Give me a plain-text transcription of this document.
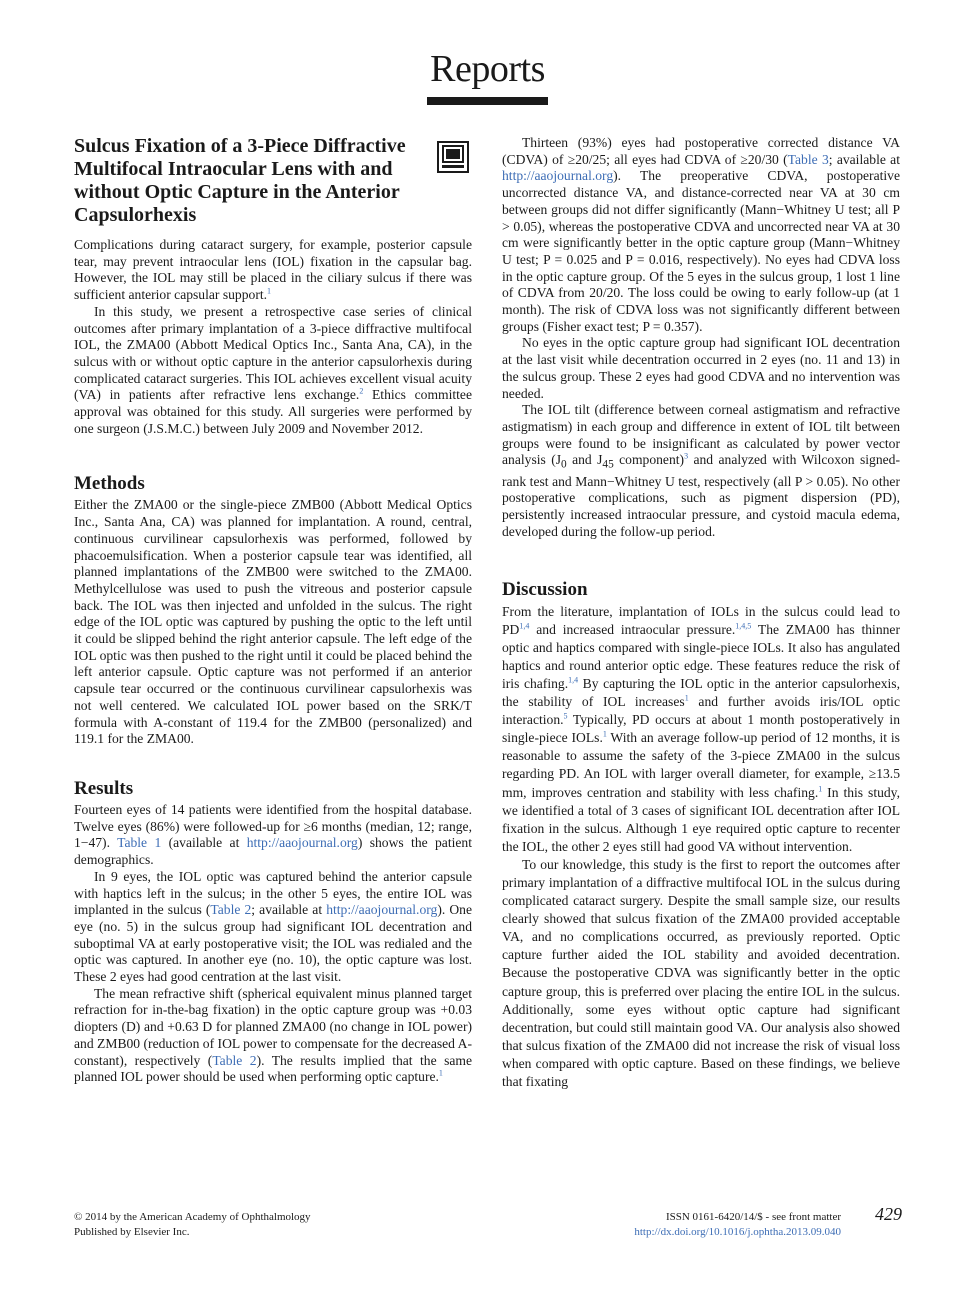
Reports
Sulcus Fixation of a 3-Piece Diffractive Multifocal Intraocular Lens with and without Optic Capture in the Anterior Capsulorhexis

Complications during cataract surgery, for example, posterior capsule tear, may prevent intraocular lens (IOL) fixation in the capsular bag. However, the IOL may still be placed in the ciliary sulcus if there was sufficient anterior capsular support.$^1$

In this study, we present a retrospective case series of clinical outcomes after primary implantation of a 3-piece diffractive multifocal IOL, the ZMA00 (Abbott Medical Optics Inc., Santa Ana, CA), in the sulcus with or without optic capture in the anterior capsulorhexis during complicated cataract surgeries. This IOL achieves excellent visual acuity (VA) in patients after refractive lens exchange.$^2$ Ethics committee approval was obtained for this study. All surgeries were performed by one surgeon (J.S.M.C.) between July 2009 and November 2012.

Methods

Either the ZMA00 or the single-piece ZMB00 (Abbott Medical Optics Inc., Santa Ana, CA) was planned for implantation. A round, central, continuous curvilinear capsulorhexis was performed, followed by phacoemulsification. When a posterior capsule tear was identified, all planned implantations of the ZMB00 were switched to the ZMA00. Methylcellulose was used to push the vitreous and posterior capsule back. The IOL was then injected and unfolded in the sulcus. The right edge of the IOL optic was captured by pushing the optic to the left until it could be slipped behind the right anterior capsule. The left edge of the IOL optic was then pushed to the right until it could be placed behind the left anterior capsule. Optic capture was not performed if an anterior capsule tear occurred or the continuous curvilinear capsulorhexis was not well centered. We calculated IOL power based on the SRK/T formula with A-constant of 119.4 for the ZMB00 (personalized) and 119.1 for the ZMA00.

Results

Fourteen eyes of 14 patients were identified from the hospital database. Twelve eyes (86%) were followed-up for ≥6 months (median, 12; range, 1−47). Table 1 (available at http://aaojournal.org) shows the patient demographics.

In 9 eyes, the IOL optic was captured behind the anterior capsule with haptics left in the sulcus; in the other 5 eyes, the entire IOL was implanted in the sulcus (Table 2; available at http://aaojournal.org). One eye (no. 5) in the sulcus group had significant IOL decentration and suboptimal VA at early postoperative visit; the IOL was redialed and the optic was captured. In another eye (no. 10), the optic capture was lost. These 2 eyes had good centration at the last visit.

The mean refractive shift (spherical equivalent minus planned target refraction for in-the-bag fixation) in the optic capture group was +0.03 diopters (D) and +0.63 D for planned ZMA00 (no change in IOL power) and ZMB00 (reduction of IOL power to compensate for the decreased A-constant), respectively (Table 2). The results implied that the same planned IOL power should be used when performing optic capture.$^1$

Thirteen (93%) eyes had postoperative corrected distance VA (CDVA) of ≥20/25; all eyes had CDVA of ≥20/30 (Table 3; available at http://aaojournal.org). The preoperative CDVA, postoperative uncorrected distance VA, and distance-corrected near VA at 30 cm between groups did not differ significantly (Mann−Whitney U test; all P > 0.05), whereas the postoperative CDVA and uncorrected near VA at 30 cm were significantly better in the optic capture group (Mann−Whitney U test; P = 0.025 and P = 0.016, respectively). No eyes had CDVA loss in the optic capture group. Of the 5 eyes in the sulcus group, 1 lost 1 line of CDVA from 20/20. The loss could be owing to early follow-up (at 1 month). The risk of CDVA loss was not significantly different between groups (Fisher exact test; P = 0.357).

No eyes in the optic capture group had significant IOL decentration at the last visit while decentration occurred in 2 eyes (no. 11 and 13) in the sulcus group. These 2 eyes had good CDVA and no intervention was needed.

The IOL tilt (difference between corneal astigmatism and refractive astigmatism) in each group and difference in extent of IOL tilt between groups were found to be insignificant as calculated by power vector analysis ($J_0$ and $J_{45}$ component)$^3$ and analyzed with Wilcoxon signed-rank test and Mann−Whitney U test, respectively (all P > 0.05). No other postoperative complications, such as pigment dispersion (PD), persistently increased intraocular pressure, and cystoid macula edema, developed during the follow-up period.

Discussion

From the literature, implantation of IOLs in the sulcus could lead to PD$^{1,4}$ and increased intraocular pressure.$^{1,4,5}$ The ZMA00 has thinner optic and haptics compared with single-piece IOLs. It also has angulated haptics and round anterior optic edge. These features reduce the risk of iris chafing.$^{1,4}$ By capturing the IOL optic in the anterior capsulorhexis, the stability of IOL increases$^1$ and further avoids iris/IOL optic interaction.$^5$ Typically, PD occurs at about 1 month postoperatively in single-piece IOLs.$^1$ With an average follow-up period of 12 months, it is reasonable to assume the safety of the 3-piece ZMA00 in the sulcus regarding PD. An IOL with larger overall diameter, for example, ≥13.5 mm, improves centration and stability with less chafing.$^1$ In this study, we identified a total of 3 cases of significant IOL decentration after IOL fixation in the sulcus. Although 1 eye required optic capture to recenter the IOL, the other 2 eyes still had good VA without intervention.

To our knowledge, this study is the first to report the outcomes after primary implantation of a diffractive multifocal IOL in the sulcus during complicated cataract surgery. Despite the small sample size, our results clearly showed that sulcus fixation of the ZMA00 provided acceptable VA, and no complications occurred, as previously reported. Optic capture further aided the IOL stability and avoided decentration. Because the postoperative CDVA was significantly better in the optic capture group, this is preferred over placing the entire IOL in the sulcus. Additionally, some eyes without optic capture had significant decentration, but could still maintain good VA. Our analysis also showed that sulcus fixation of the ZMA00 did not increase the risk of visual loss when compared with optic capture. Based on these findings, we believe that fixating

© 2014 by the American Academy of Ophthalmology
Published by Elsevier Inc.
ISSN 0161-6420/14/$ - see front matter
http://dx.doi.org/10.1016/j.ophtha.2013.09.040
429
